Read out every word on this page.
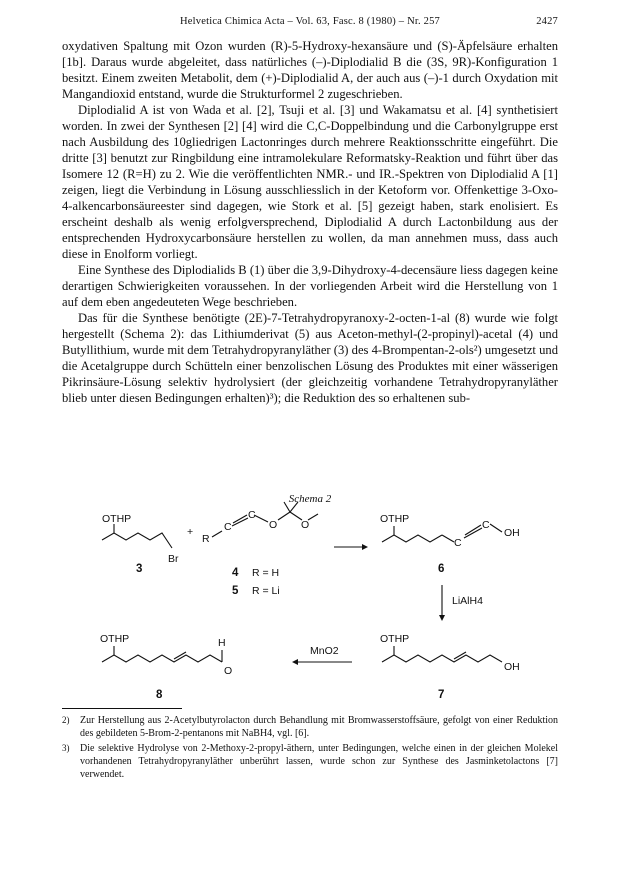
Helvetica Chimica Acta – Vol. 63, Fasc. 8 (1980) – Nr. 257	2427

oxydativen Spaltung mit Ozon wurden (R)-5-Hydroxy-hexansäure und (S)-Äpfelsäure erhalten [1b]. Daraus wurde abgeleitet, dass natürliches (–)-Diplodialid B die (3S, 9R)-Konfiguration 1 besitzt. Einem zweiten Metabolit, dem (+)-Diplodialid A, der auch aus (–)-1 durch Oxydation mit Mangandioxid entstand, wurde die Strukturformel 2 zugeschrieben.

Diplodialid A ist von Wada et al. [2], Tsuji et al. [3] und Wakamatsu et al. [4] synthetisiert worden. In zwei der Synthesen [2] [4] wird die C,C-Doppelbindung und die Carbonylgruppe erst nach Ausbildung des 10gliedrigen Lactonringes durch mehrere Reaktionsschritte eingeführt. Die dritte [3] benutzt zur Ringbildung eine intramolekulare Reformatsky-Reaktion und führt über das Isomere 12 (R=H) zu 2. Wie die veröffentlichten NMR.- und IR.-Spektren von Diplodialid A [1] zeigen, liegt die Verbindung in Lösung ausschliesslich in der Ketoform vor. Offenkettige 3-Oxo-4-alkencarbonsäureester sind dagegen, wie Stork et al. [5] gezeigt haben, stark enolisiert. Es erscheint deshalb als wenig erfolgversprechend, Diplodialid A durch Lactonbildung aus der entsprechenden Hydroxycarbonsäure herstellen zu wollen, da man annehmen muss, dass auch diese in Enolform vorliegt.

Eine Synthese des Diplodialids B (1) über die 3,9-Dihydroxy-4-decensäure liess dagegen keine derartigen Schwierigkeiten voraussehen. In der vorliegenden Arbeit wird die Herstellung von 1 auf dem eben angedeuteten Wege beschrieben.

Das für die Synthese benötigte (2E)-7-Tetrahydropyranoxy-2-octen-1-al (8) wurde wie folgt hergestellt (Schema 2): das Lithiumderivat (5) aus Aceton-methyl-(2-propinyl)-acetal (4) und Butyllithium, wurde mit dem Tetrahydropyranyläther (3) des 4-Brompentan-2-ols²) umgesetzt und die Acetalgruppe durch Schütteln einer benzolischen Lösung des Produktes mit einer wässerigen Pikrinsäure-Lösung selektiv hydrolysiert (der gleichzeitig vorhandene Tetrahydropyranyläther blieb unter diesen Bedingungen erhalten)³); die Reduktion des so erhaltenen sub-

Schema 2
OTHP
Br
3
+
R
C
C
O O
4 R = H
5 R = Li
OTHP
C
C
OH
6
LiAlH4
OTHP
OH
7
MnO2
OTHP	H
O
8
2) Zur Herstellung aus 2-Acetylbutyrolacton durch Behandlung mit Bromwasserstoffsäure, gefolgt von einer Reduktion des gebildeten 5-Brom-2-pentanons mit NaBH4, vgl. [6].
3) Die selektive Hydrolyse von 2-Methoxy-2-propyl-äthern, unter Bedingungen, welche einen in der gleichen Molekel vorhandenen Tetrahydropyranyläther unberührt lassen, wurde schon zur Synthese des Jasminketolactons [7] verwendet.
